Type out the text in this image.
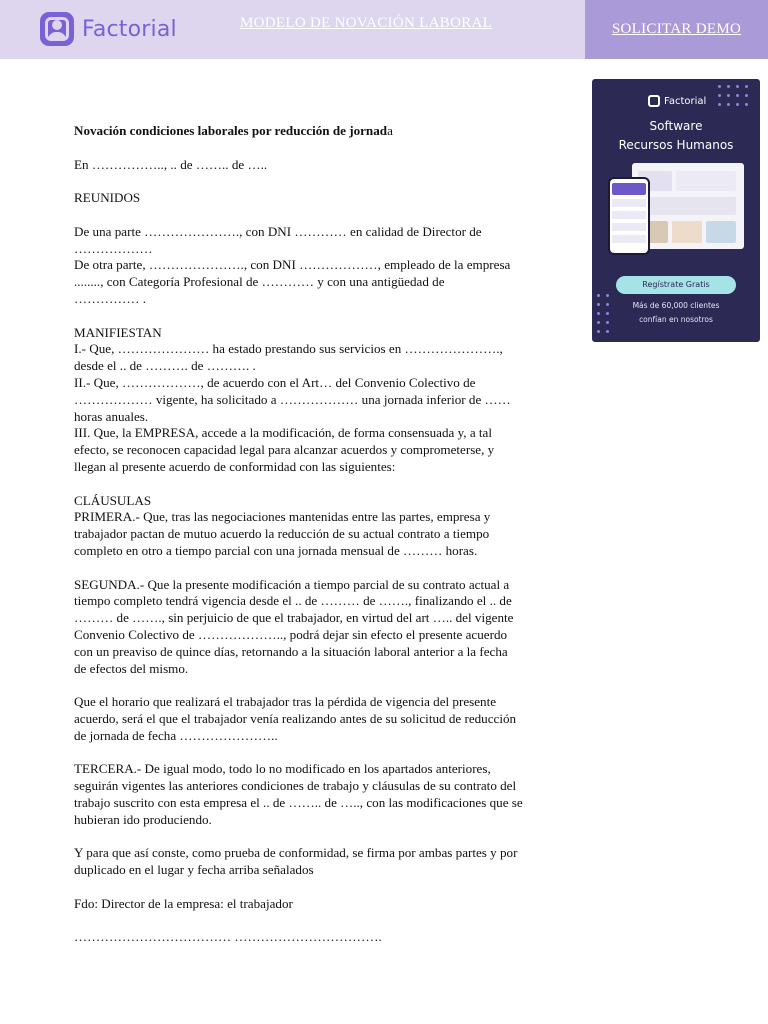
Factorial	MODELO DE NOVACIÓN LABORAL	SOLICITAR DEMO
Factorial
Software
Recursos Humanos
Regístrate Gratis
Más de 60,000 clientes
confían en nosotros

Novación condiciones laborales por reducción de jornada

En …………….., .. de …….. de …..

REUNIDOS

De una parte …………………., con DNI ………… en calidad de Director de

………………

De otra parte, …………………., con DNI ………………, empleado de la empresa

........, con Categoría Profesional de ………… y con una antigüedad de

…………… .

MANIFIESTAN

I.- Que, ………………… ha estado prestando sus servicios en ………………….,

desde el .. de ………. de ………. .

II.- Que, ………………, de acuerdo con el Art… del Convenio Colectivo de

……………… vigente, ha solicitado a ……………… una jornada inferior de ……

horas anuales.

III. Que, la EMPRESA, accede a la modificación, de forma consensuada y, a tal

efecto, se reconocen capacidad legal para alcanzar acuerdos y comprometerse, y

llegan al presente acuerdo de conformidad con las siguientes:

CLÁUSULAS

PRIMERA.- Que, tras las negociaciones mantenidas entre las partes, empresa y

trabajador pactan de mutuo acuerdo la reducción de su actual contrato a tiempo

completo en otro a tiempo parcial con una jornada mensual de ……… horas.

SEGUNDA.- Que la presente modificación a tiempo parcial de su contrato actual a

tiempo completo tendrá vigencia desde el .. de ……… de ……., finalizando el .. de

……… de ……., sin perjuicio de que el trabajador, en virtud del art ….. del vigente

Convenio Colectivo de ……………….., podrá dejar sin efecto el presente acuerdo

con un preaviso de quince días, retornando a la situación laboral anterior a la fecha

de efectos del mismo.

Que el horario que realizará el trabajador tras la pérdida de vigencia del presente

acuerdo, será el que el trabajador venía realizando antes de su solicitud de reducción

de jornada de fecha …………………..

TERCERA.- De igual modo, todo lo no modificado en los apartados anteriores,

seguirán vigentes las anteriores condiciones de trabajo y cláusulas de su contrato del

trabajo suscrito con esta empresa el .. de …….. de ….., con las modificaciones que se

hubieran ido produciendo.

Y para que así conste, como prueba de conformidad, se firma por ambas partes y por

duplicado en el lugar y fecha arriba señalados

Fdo: Director de la empresa: el trabajador

……………………………… …………………………….
